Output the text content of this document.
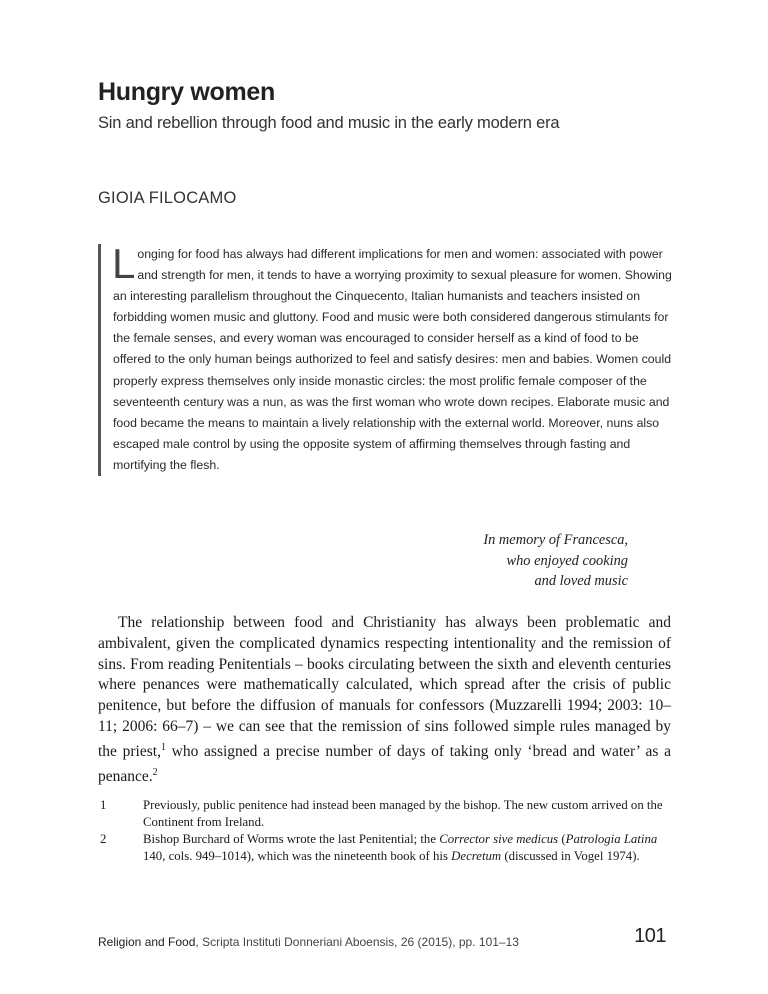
Hungry women
Sin and rebellion through food and music in the early modern era
GIOIA FILOCAMO

Longing for food has always had different implications for men and women: associated with power and strength for men, it tends to have a worrying proximity to sexual pleasure for women. Showing an interesting parallelism throughout the Cinquecento, Italian humanists and teachers insisted on forbidding women music and gluttony. Food and music were both considered dangerous stimulants for the female senses, and every woman was encouraged to consider herself as a kind of food to be offered to the only human beings authorized to feel and satisfy desires: men and babies. Women could properly express themselves only inside monastic circles: the most prolific female composer of the seventeenth century was a nun, as was the first woman who wrote down recipes. Elaborate music and food became the means to maintain a lively relationship with the external world. Moreover, nuns also escaped male control by using the opposite system of affirming themselves through fasting and mortifying the flesh.

In memory of Francesca,
who enjoyed cooking
and loved music

The relationship between food and Christianity has always been problematic and ambivalent, given the complicated dynamics respecting intentionality and the remission of sins. From reading Penitentials – books circulating between the sixth and eleventh centuries where penances were mathematically calculated, which spread after the crisis of public penitence, but before the diffusion of manuals for confessors (Muzzarelli 1994; 2003: 10–11; 2006: 66–7) – we can see that the remission of sins followed simple rules managed by the priest,$^1$ who assigned a precise number of days of taking only ‘bread and water’ as a penance.$^2$

1	Previously, public penitence had instead been managed by the bishop. The new custom arrived on the Continent from Ireland.
2	Bishop Burchard of Worms wrote the last Penitential; the Corrector sive medicus (Patrologia Latina 140, cols. 949–1014), which was the nineteenth book of his Decretum (discussed in Vogel 1974).
Religion and Food, Scripta Instituti Donneriani Aboensis, 26 (2015), pp. 101–13	101
